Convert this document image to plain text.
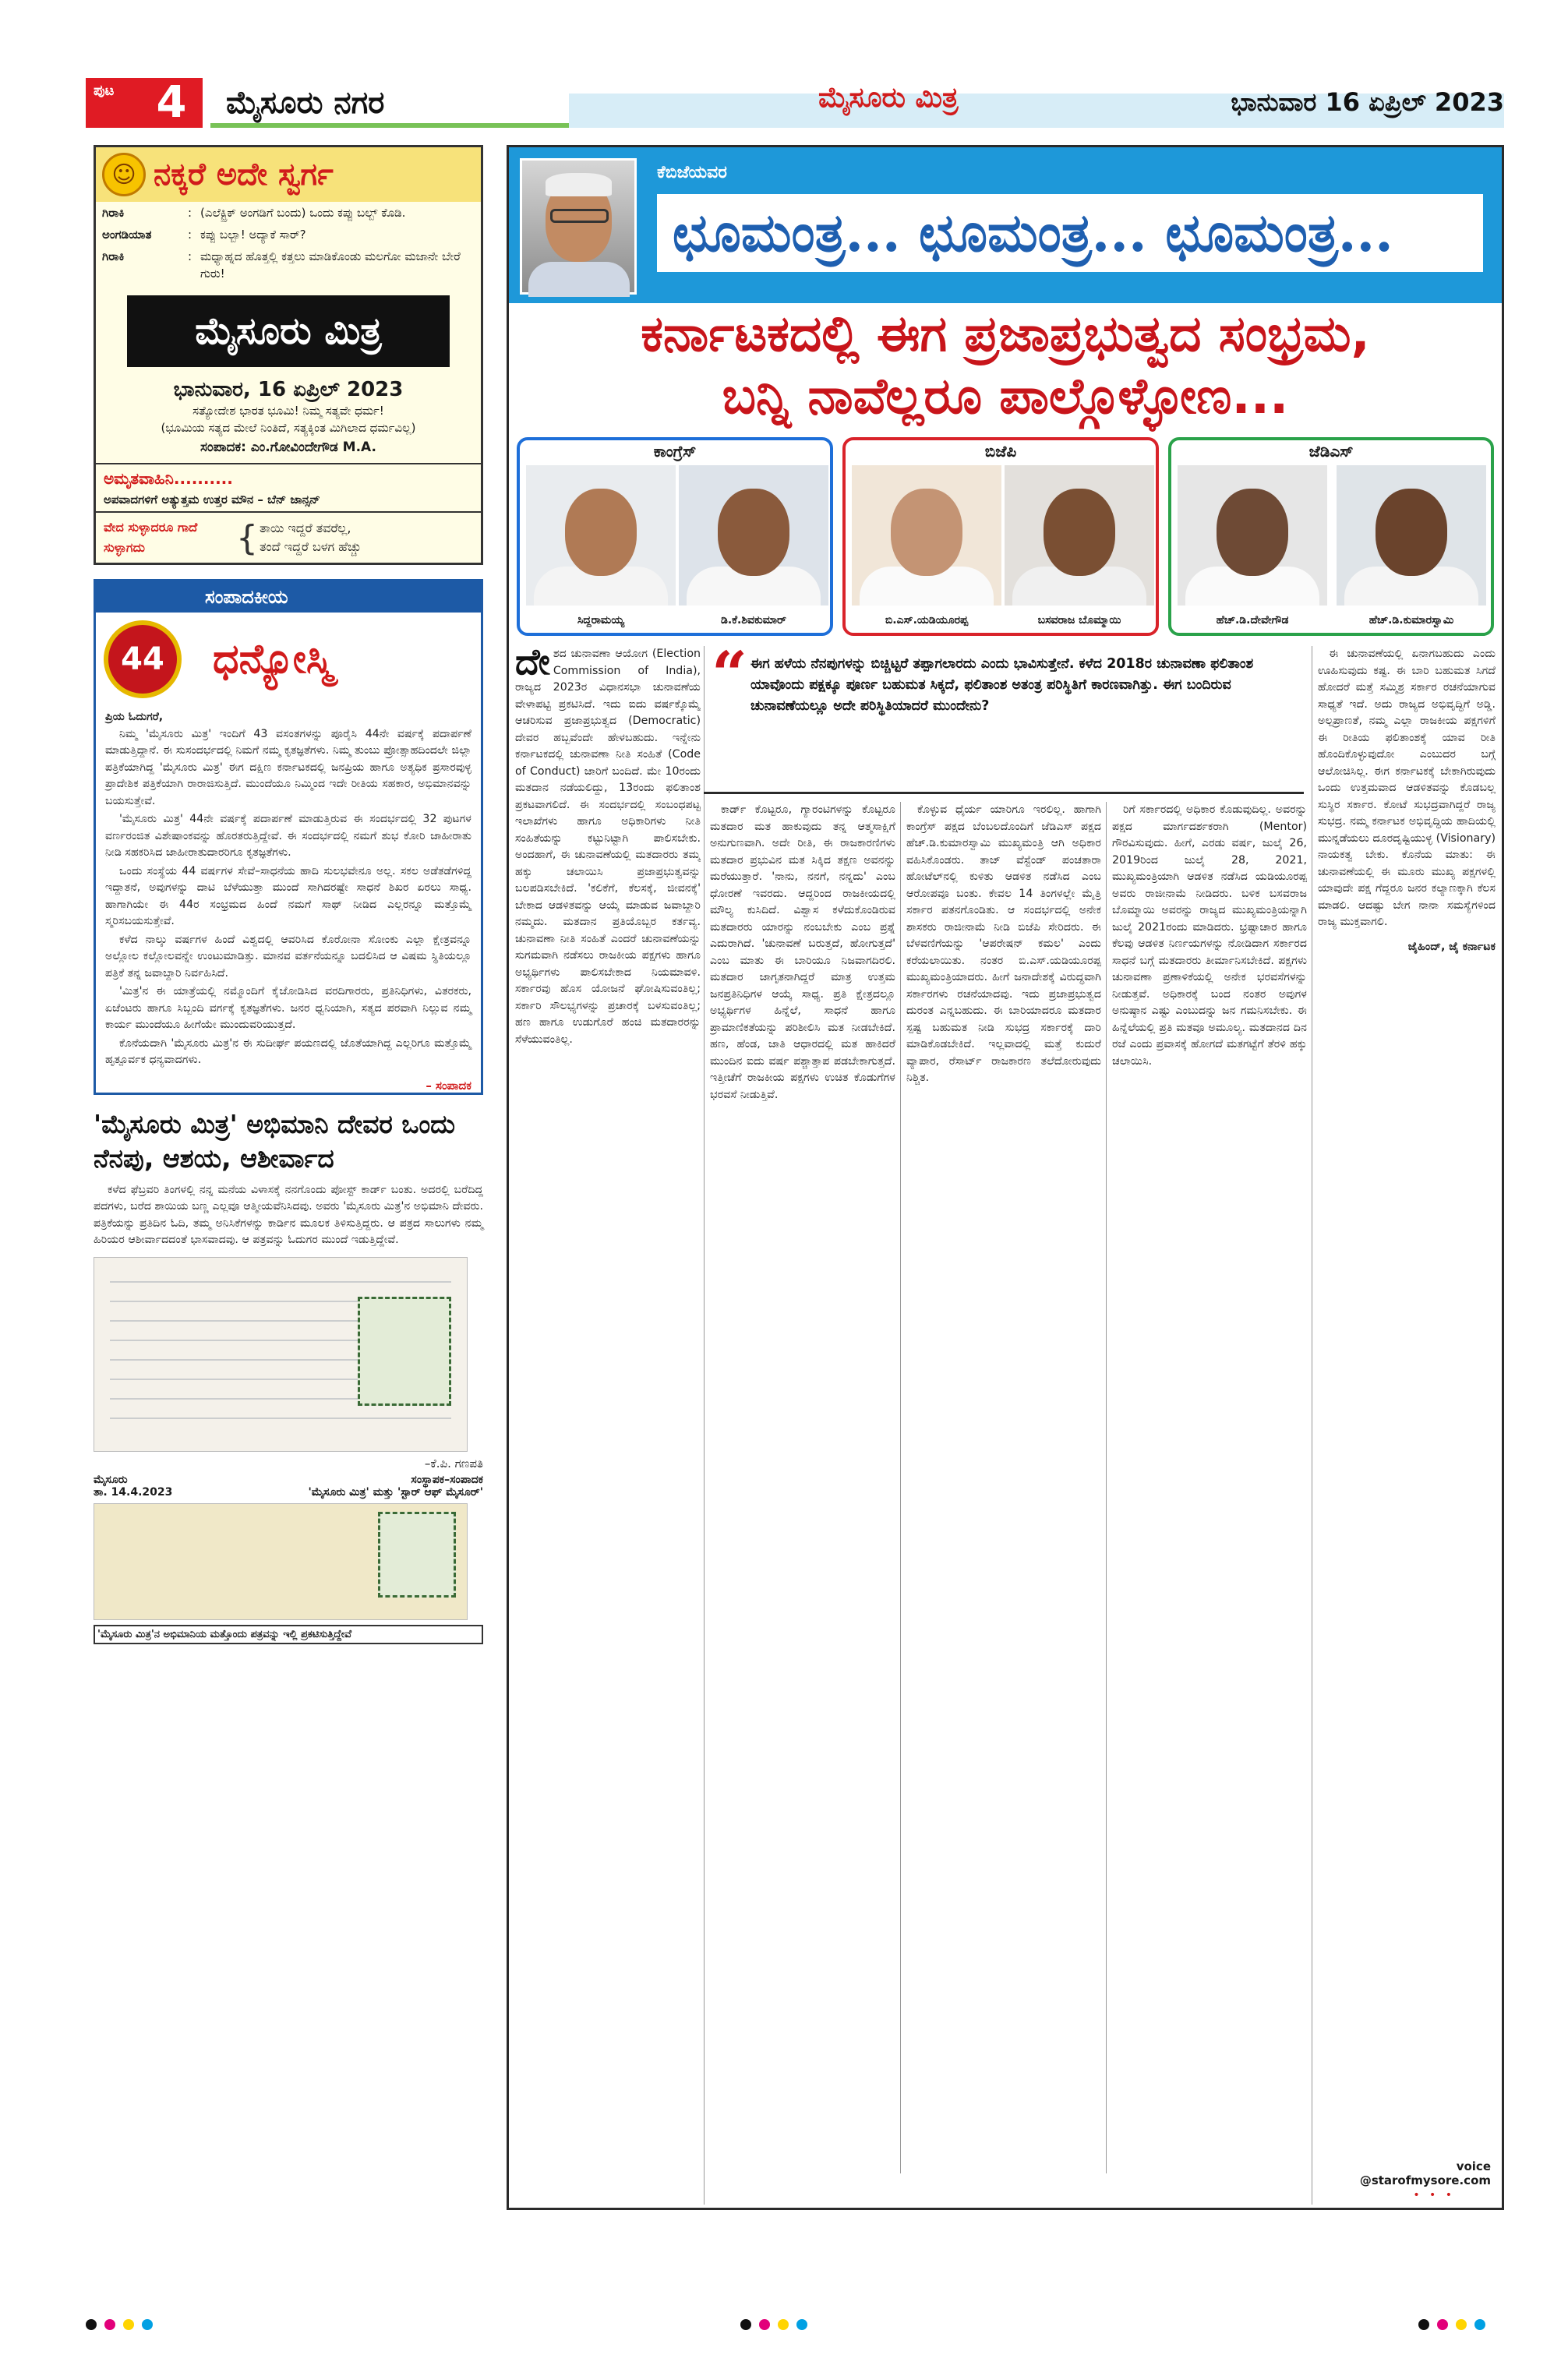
ಪುಟ 4	ಮೈಸೂರು ನಗರ	ಮೈಸೂರು ಮಿತ್ರ	ಭಾನುವಾರ 16 ಏಪ್ರಿಲ್ 2023
☺ ನಕ್ಕರೆ ಅದೇ ಸ್ವರ್ಗ
ಗಿರಾಕಿ	: (ಎಲೆಕ್ಟ್ರಿಕ್ ಅಂಗಡಿಗೆ ಬಂದು) ಒಂದು ಕಪ್ಪು ಬಲ್ಬ್ ಕೊಡಿ.
ಅಂಗಡಿಯಾತ	: ಕಪ್ಪು ಬಲ್ಬಾ! ಅದ್ಯಾಕೆ ಸಾರ್?
ಗಿರಾಕಿ	: ಮಧ್ಯಾಹ್ನದ ಹೊತ್ತಲ್ಲಿ ಕತ್ತಲು ಮಾಡಿಕೊಂಡು ಮಲಗೋ ಮಜಾನೇ ಬೇರೆ ಗುರು!
ಮೈಸೂರು ಮಿತ್ರ
ಭಾನುವಾರ, 16 ಏಪ್ರಿಲ್ 2023
ಸತ್ಯೋದೇಶ ಭಾರತ ಭೂಮಿ! ನಿಮ್ಮ ಸತ್ಯವೇ ಧರ್ಮ!
(ಭೂಮಿಯ ಸತ್ಯದ ಮೇಲೆ ನಿಂತಿದೆ, ಸತ್ಯಕ್ಕಿಂತ ಮಿಗಿಲಾದ ಧರ್ಮವಿಲ್ಲ)
ಸಂಪಾದಕ: ಎಂ.ಗೋವಿಂದೇಗೌಡ M.A.
ಅಮೃತವಾಹಿನಿ..........
ಅಪವಾದಗಳಿಗೆ ಅತ್ಯುತ್ತಮ ಉತ್ತರ ಮೌನ – ಬೆನ್ ಜಾನ್ಸನ್
ವೇದ ಸುಳ್ಳಾದರೂ ಗಾದೆ ಸುಳ್ಳಾಗದು	{ ತಾಯಿ ಇದ್ದರೆ ತವರೆಲ್ಲ,
ತಂದೆ ಇದ್ದರೆ ಬಳಗ ಹೆಚ್ಚು
ಸಂಪಾದಕೀಯ
44	ಧನ್ಯೋಸ್ಮಿ
ಪ್ರಿಯ ಓದುಗರೆ,

ನಿಮ್ಮ 'ಮೈಸೂರು ಮಿತ್ರ' ಇಂದಿಗೆ 43 ವಸಂತಗಳನ್ನು ಪೂರೈಸಿ 44ನೇ ವರ್ಷಕ್ಕೆ ಪದಾರ್ಪಣೆ ಮಾಡುತ್ತಿದ್ದಾನೆ. ಈ ಸುಸಂದರ್ಭದಲ್ಲಿ ನಿಮಗೆ ನಮ್ಮ ಕೃತಜ್ಞತೆಗಳು. ನಿಮ್ಮ ತುಂಬು ಪ್ರೋತ್ಸಾಹದಿಂದಲೇ ಜಿಲ್ಲಾ ಪತ್ರಿಕೆಯಾಗಿದ್ದ 'ಮೈಸೂರು ಮಿತ್ರ' ಈಗ ದಕ್ಷಿಣ ಕರ್ನಾಟಕದಲ್ಲಿ ಜನಪ್ರಿಯ ಹಾಗೂ ಅತ್ಯಧಿಕ ಪ್ರಸಾರವುಳ್ಳ ಪ್ರಾದೇಶಿಕ ಪತ್ರಿಕೆಯಾಗಿ ರಾರಾಜಿಸುತ್ತಿದೆ. ಮುಂದೆಯೂ ನಿಮ್ಮಿಂದ ಇದೇ ರೀತಿಯ ಸಹಕಾರ, ಅಭಿಮಾನವನ್ನು ಬಯಸುತ್ತೇವೆ.

'ಮೈಸೂರು ಮಿತ್ರ' 44ನೇ ವರ್ಷಕ್ಕೆ ಪದಾರ್ಪಣೆ ಮಾಡುತ್ತಿರುವ ಈ ಸಂದರ್ಭದಲ್ಲಿ 32 ಪುಟಗಳ ವರ್ಣರಂಜಿತ ವಿಶೇಷಾಂಕವನ್ನು ಹೊರತರುತ್ತಿದ್ದೇವೆ. ಈ ಸಂದರ್ಭದಲ್ಲಿ ನಮಗೆ ಶುಭ ಕೋರಿ ಜಾಹೀರಾತು ನೀಡಿ ಸಹಕರಿಸಿದ ಜಾಹೀರಾತುದಾರರಿಗೂ ಕೃತಜ್ಞತೆಗಳು.

ಒಂದು ಸಂಸ್ಥೆಯ 44 ವರ್ಷಗಳ ಸೇವೆ–ಸಾಧನೆಯ ಹಾದಿ ಸುಲಭವೇನೂ ಅಲ್ಲ. ಸಕಲ ಅಡೆತಡೆಗಳಿದ್ದ ಇದ್ದಾತನೆ, ಅವುಗಳನ್ನು ದಾಟಿ ಬೆಳೆಯುತ್ತಾ ಮುಂದೆ ಸಾಗಿದರಷ್ಟೇ ಸಾಧನೆ ಶಿಖರ ಏರಲು ಸಾಧ್ಯ. ಹಾಗಾಗಿಯೇ ಈ 44ರ ಸಂಭ್ರಮದ ಹಿಂದೆ ನಮಗೆ ಸಾಥ್ ನೀಡಿದ ಎಲ್ಲರನ್ನೂ ಮತ್ತೊಮ್ಮೆ ಸ್ಮರಿಸಬಯಸುತ್ತೇವೆ.

ಕಳೆದ ನಾಲ್ಕು ವರ್ಷಗಳ ಹಿಂದೆ ವಿಶ್ವದಲ್ಲಿ ಆವರಿಸಿದ ಕೊರೋನಾ ಸೋಂಕು ಎಲ್ಲಾ ಕ್ಷೇತ್ರವನ್ನೂ ಅಲ್ಲೋಲ ಕಲ್ಲೋಲವನ್ನೇ ಉಂಟುಮಾಡಿತ್ತು. ಮಾನವ ವರ್ತನೆಯನ್ನೂ ಬದಲಿಸಿದ ಆ ವಿಷಮ ಸ್ಥಿತಿಯಲ್ಲೂ ಪತ್ರಿಕೆ ತನ್ನ ಜವಾಬ್ದಾರಿ ನಿರ್ವಹಿಸಿದೆ.

'ಮಿತ್ರ'ನ ಈ ಯಾತ್ರೆಯಲ್ಲಿ ನಮ್ಮೊಂದಿಗೆ ಕೈಜೋಡಿಸಿದ ವರದಿಗಾರರು, ಪ್ರತಿನಿಧಿಗಳು, ವಿತರಕರು, ಏಜೆಂಟರು ಹಾಗೂ ಸಿಬ್ಬಂದಿ ವರ್ಗಕ್ಕೆ ಕೃತಜ್ಞತೆಗಳು. ಜನರ ಧ್ವನಿಯಾಗಿ, ಸತ್ಯದ ಪರವಾಗಿ ನಿಲ್ಲುವ ನಮ್ಮ ಕಾರ್ಯ ಮುಂದೆಯೂ ಹೀಗೆಯೇ ಮುಂದುವರಿಯುತ್ತದೆ.

ಕೊನೆಯದಾಗಿ 'ಮೈಸೂರು ಮಿತ್ರ'ನ ಈ ಸುದೀರ್ಘ ಪಯಣದಲ್ಲಿ ಜೊತೆಯಾಗಿದ್ದ ಎಲ್ಲರಿಗೂ ಮತ್ತೊಮ್ಮೆ ಹೃತ್ಪೂರ್ವಕ ಧನ್ಯವಾದಗಳು.

– ಸಂಪಾದಕ
'ಮೈಸೂರು ಮಿತ್ರ' ಅಭಿಮಾನಿ ದೇವರ ಒಂದು ನೆನಪು, ಆಶಯ, ಆಶೀರ್ವಾದ

ಕಳೆದ ಫೆಬ್ರವರಿ ತಿಂಗಳಲ್ಲಿ ನನ್ನ ಮನೆಯ ವಿಳಾಸಕ್ಕೆ ನನಗೊಂದು ಪೋಸ್ಟ್ ಕಾರ್ಡ್ ಬಂತು. ಅದರಲ್ಲಿ ಬರೆದಿದ್ದ ಪದಗಳು, ಬರೆದ ಶಾಯಿಯ ಬಣ್ಣ ಎಲ್ಲವೂ ಆತ್ಮೀಯವೆನಿಸಿದವು. ಅವರು 'ಮೈಸೂರು ಮಿತ್ರ'ನ ಅಭಿಮಾನಿ ದೇವರು. ಪತ್ರಿಕೆಯನ್ನು ಪ್ರತಿದಿನ ಓದಿ, ತಮ್ಮ ಅನಿಸಿಕೆಗಳನ್ನು ಕಾರ್ಡಿನ ಮೂಲಕ ತಿಳಿಸುತ್ತಿದ್ದರು. ಆ ಪತ್ರದ ಸಾಲುಗಳು ನಮ್ಮ ಹಿರಿಯರ ಆಶೀರ್ವಾದದಂತೆ ಭಾಸವಾದವು. ಆ ಪತ್ರವನ್ನು ಓದುಗರ ಮುಂದೆ ಇಡುತ್ತಿದ್ದೇವೆ.

–ಕೆ.ಪಿ. ಗಣಪತಿ
ಮೈಸೂರು
ತಾ. 14.4.2023
ಸಂಸ್ಥಾಪಕ–ಸಂಪಾದಕ
'ಮೈಸೂರು ಮಿತ್ರ' ಮತ್ತು 'ಸ್ಟಾರ್ ಆಫ್ ಮೈಸೂರ್'
'ಮೈಸೂರು ಮಿತ್ರ'ನ ಅಭಿಮಾನಿಯ ಮತ್ತೊಂದು ಪತ್ರವನ್ನು ಇಲ್ಲಿ ಪ್ರಕಟಿಸುತ್ತಿದ್ದೇವೆ
ಕೆಬಿಜೆಯವರ
ಛೂಮಂತ್ರ... ಛೂಮಂತ್ರ... ಛೂಮಂತ್ರ...
ಕರ್ನಾಟಕದಲ್ಲಿ ಈಗ ಪ್ರಜಾಪ್ರಭುತ್ವದ ಸಂಭ್ರಮ,
ಬನ್ನಿ ನಾವೆಲ್ಲರೂ ಪಾಲ್ಗೊಳ್ಳೋಣ...
ಕಾಂಗ್ರೆಸ್
ಸಿದ್ದರಾಮಯ್ಯ	ಡಿ.ಕೆ.ಶಿವಕುಮಾರ್
ಬಿಜೆಪಿ
ಬಿ.ಎಸ್.ಯಡಿಯೂರಪ್ಪ	ಬಸವರಾಜ ಬೊಮ್ಮಾಯಿ
ಜೆಡಿಎಸ್
ಹೆಚ್.ಡಿ.ದೇವೇಗೌಡ	ಹೆಚ್.ಡಿ.ಕುಮಾರಸ್ವಾಮಿ

ದೇಶದ ಚುನಾವಣಾ ಆಯೋಗ (Election Commission of India), ರಾಜ್ಯದ 2023ರ ವಿಧಾನಸಭಾ ಚುನಾವಣೆಯ ವೇಳಾಪಟ್ಟಿ ಪ್ರಕಟಿಸಿದೆ. ಇದು ಐದು ವರ್ಷಕ್ಕೊಮ್ಮೆ ಆಚರಿಸುವ ಪ್ರಜಾಪ್ರಭುತ್ವದ (Democratic) ದೇವರ ಹಬ್ಬವೆಂದೇ ಹೇಳಬಹುದು. ಇನ್ನೇನು ಕರ್ನಾಟಕದಲ್ಲಿ ಚುನಾವಣಾ ನೀತಿ ಸಂಹಿತೆ (Code of Conduct) ಜಾರಿಗೆ ಬಂದಿದೆ. ಮೇ 10ರಂದು ಮತದಾನ ನಡೆಯಲಿದ್ದು, 13ರಂದು ಫಲಿತಾಂಶ ಪ್ರಕಟವಾಗಲಿದೆ. ಈ ಸಂದರ್ಭದಲ್ಲಿ ಸಂಬಂಧಪಟ್ಟ ಇಲಾಖೆಗಳು ಹಾಗೂ ಅಧಿಕಾರಿಗಳು ನೀತಿ ಸಂಹಿತೆಯನ್ನು ಕಟ್ಟುನಿಟ್ಟಾಗಿ ಪಾಲಿಸಬೇಕು. ಅಂದಹಾಗೆ, ಈ ಚುನಾವಣೆಯಲ್ಲಿ ಮತದಾರರು ತಮ್ಮ ಹಕ್ಕು ಚಲಾಯಿಸಿ ಪ್ರಜಾಪ್ರಭುತ್ವವನ್ನು ಬಲಪಡಿಸಬೇಕಿದೆ. 'ಕಲಿಕೆಗೆ, ಕೆಲಸಕ್ಕೆ, ಜೀವನಕ್ಕೆ' ಬೇಕಾದ ಆಡಳಿತವನ್ನು ಆಯ್ಕೆ ಮಾಡುವ ಜವಾಬ್ದಾರಿ ನಮ್ಮದು. ಮತದಾನ ಪ್ರತಿಯೊಬ್ಬರ ಕರ್ತವ್ಯ. ಚುನಾವಣಾ ನೀತಿ ಸಂಹಿತೆ ಎಂದರೆ ಚುನಾವಣೆಯನ್ನು ಸುಗಮವಾಗಿ ನಡೆಸಲು ರಾಜಕೀಯ ಪಕ್ಷಗಳು ಹಾಗೂ ಅಭ್ಯರ್ಥಿಗಳು ಪಾಲಿಸಬೇಕಾದ ನಿಯಮಾವಳಿ. ಸರ್ಕಾರವು ಹೊಸ ಯೋಜನೆ ಘೋಷಿಸುವಂತಿಲ್ಲ; ಸರ್ಕಾರಿ ಸೌಲಭ್ಯಗಳನ್ನು ಪ್ರಚಾರಕ್ಕೆ ಬಳಸುವಂತಿಲ್ಲ; ಹಣ ಹಾಗೂ ಉಡುಗೊರೆ ಹಂಚಿ ಮತದಾರರನ್ನು ಸೆಳೆಯುವಂತಿಲ್ಲ.

“ ಈಗ ಹಳೆಯ ನೆನಪುಗಳನ್ನು ಬಿಚ್ಚಿಟ್ಟರೆ ತಪ್ಪಾಗಲಾರದು ಎಂದು ಭಾವಿಸುತ್ತೇನೆ. ಕಳೆದ 2018ರ ಚುನಾವಣಾ ಫಲಿತಾಂಶ ಯಾವೊಂದು ಪಕ್ಷಕ್ಕೂ ಪೂರ್ಣ ಬಹುಮತ ಸಿಕ್ಕದೆ, ಫಲಿತಾಂಶ ಅತಂತ್ರ ಪರಿಸ್ಥಿತಿಗೆ ಕಾರಣವಾಗಿತ್ತು. ಈಗ ಬಂದಿರುವ ಚುನಾವಣೆಯಲ್ಲೂ ಅದೇ ಪರಿಸ್ಥಿತಿಯಾದರೆ ಮುಂದೇನು?

ಕಾರ್ಡ್ ಕೊಟ್ಟರೂ, ಗ್ಯಾರಂಟಿಗಳನ್ನು ಕೊಟ್ಟರೂ ಮತದಾರ ಮತ ಹಾಕುವುದು ತನ್ನ ಆತ್ಮಸಾಕ್ಷಿಗೆ ಅನುಗುಣವಾಗಿ. ಅದೇ ರೀತಿ, ಈ ರಾಜಕಾರಣಿಗಳು ಮತದಾರ ಪ್ರಭುವಿನ ಮತ ಸಿಕ್ಕಿದ ತಕ್ಷಣ ಅವನನ್ನು ಮರೆಯುತ್ತಾರೆ. 'ನಾನು, ನನಗೆ, ನನ್ನದು' ಎಂಬ ಧೋರಣೆ ಇವರದು. ಆದ್ದರಿಂದ ರಾಜಕೀಯದಲ್ಲಿ ಮೌಲ್ಯ ಕುಸಿದಿದೆ. ವಿಶ್ವಾಸ ಕಳೆದುಕೊಂಡಿರುವ ಮತದಾರರು ಯಾರನ್ನು ನಂಬಬೇಕು ಎಂಬ ಪ್ರಶ್ನೆ ಎದುರಾಗಿದೆ. 'ಚುನಾವಣೆ ಬರುತ್ತದೆ, ಹೋಗುತ್ತದೆ' ಎಂಬ ಮಾತು ಈ ಬಾರಿಯೂ ನಿಜವಾಗದಿರಲಿ. ಮತದಾರ ಜಾಗೃತನಾಗಿದ್ದರೆ ಮಾತ್ರ ಉತ್ತಮ ಜನಪ್ರತಿನಿಧಿಗಳ ಆಯ್ಕೆ ಸಾಧ್ಯ. ಪ್ರತಿ ಕ್ಷೇತ್ರದಲ್ಲೂ ಅಭ್ಯರ್ಥಿಗಳ ಹಿನ್ನೆಲೆ, ಸಾಧನೆ ಹಾಗೂ ಪ್ರಾಮಾಣಿಕತೆಯನ್ನು ಪರಿಶೀಲಿಸಿ ಮತ ನೀಡಬೇಕಿದೆ. ಹಣ, ಹೆಂಡ, ಜಾತಿ ಆಧಾರದಲ್ಲಿ ಮತ ಹಾಕಿದರೆ ಮುಂದಿನ ಐದು ವರ್ಷ ಪಶ್ಚಾತ್ತಾಪ ಪಡಬೇಕಾಗುತ್ತದೆ. ಇತ್ತೀಚೆಗೆ ರಾಜಕೀಯ ಪಕ್ಷಗಳು ಉಚಿತ ಕೊಡುಗೆಗಳ ಭರವಸೆ ನೀಡುತ್ತಿವೆ.

ಕೊಳ್ಳುವ ಧೈರ್ಯ ಯಾರಿಗೂ ಇರಲಿಲ್ಲ. ಹಾಗಾಗಿ ಕಾಂಗ್ರೆಸ್ ಪಕ್ಷದ ಬೆಂಬಲದೊಂದಿಗೆ ಜೆಡಿಎಸ್ ಪಕ್ಷದ ಹೆಚ್.ಡಿ.ಕುಮಾರಸ್ವಾಮಿ ಮುಖ್ಯಮಂತ್ರಿ ಆಗಿ ಅಧಿಕಾರ ವಹಿಸಿಕೊಂಡರು. ತಾಜ್ ವೆಸ್ಟೆಂಡ್ ಪಂಚತಾರಾ ಹೋಟೆಲ್‌ನಲ್ಲಿ ಕುಳಿತು ಆಡಳಿತ ನಡೆಸಿದ ಎಂಬ ಆರೋಪವೂ ಬಂತು. ಕೇವಲ 14 ತಿಂಗಳಲ್ಲೇ ಮೈತ್ರಿ ಸರ್ಕಾರ ಪತನಗೊಂಡಿತು. ಆ ಸಂದರ್ಭದಲ್ಲಿ ಅನೇಕ ಶಾಸಕರು ರಾಜೀನಾಮೆ ನೀಡಿ ಬಿಜೆಪಿ ಸೇರಿದರು. ಈ ಬೆಳವಣಿಗೆಯನ್ನು 'ಆಪರೇಷನ್ ಕಮಲ' ಎಂದು ಕರೆಯಲಾಯಿತು. ನಂತರ ಬಿ.ಎಸ್.ಯಡಿಯೂರಪ್ಪ ಮುಖ್ಯಮಂತ್ರಿಯಾದರು. ಹೀಗೆ ಜನಾದೇಶಕ್ಕೆ ವಿರುದ್ಧವಾಗಿ ಸರ್ಕಾರಗಳು ರಚನೆಯಾದವು. ಇದು ಪ್ರಜಾಪ್ರಭುತ್ವದ ದುರಂತ ಎನ್ನಬಹುದು. ಈ ಬಾರಿಯಾದರೂ ಮತದಾರ ಸ್ಪಷ್ಟ ಬಹುಮತ ನೀಡಿ ಸುಭದ್ರ ಸರ್ಕಾರಕ್ಕೆ ದಾರಿ ಮಾಡಿಕೊಡಬೇಕಿದೆ. ಇಲ್ಲವಾದಲ್ಲಿ ಮತ್ತೆ ಕುದುರೆ ವ್ಯಾಪಾರ, ರೆಸಾರ್ಟ್ ರಾಜಕಾರಣ ತಲೆದೋರುವುದು ನಿಶ್ಚಿತ.

ರಿಗೆ ಸರ್ಕಾರದಲ್ಲಿ ಅಧಿಕಾರ ಕೊಡುವುದಿಲ್ಲ. ಅವರನ್ನು ಪಕ್ಷದ ಮಾರ್ಗದರ್ಶಕರಾಗಿ (Mentor) ಗೌರವಿಸುವುದು. ಹೀಗೆ, ಎರಡು ವರ್ಷ, ಜುಲೈ 26, 2019ರಿಂದ ಜುಲೈ 28, 2021, ಮುಖ್ಯಮಂತ್ರಿಯಾಗಿ ಆಡಳಿತ ನಡೆಸಿದ ಯಡಿಯೂರಪ್ಪ ಅವರು ರಾಜೀನಾಮೆ ನೀಡಿದರು. ಬಳಿಕ ಬಸವರಾಜ ಬೊಮ್ಮಾಯಿ ಅವರನ್ನು ರಾಜ್ಯದ ಮುಖ್ಯಮಂತ್ರಿಯನ್ನಾಗಿ ಜುಲೈ 2021ರಂದು ಮಾಡಿದರು. ಭ್ರಷ್ಟಾಚಾರ ಹಾಗೂ ಕೆಲವು ಆಡಳಿತ ನಿರ್ಣಯಗಳನ್ನು ನೋಡಿದಾಗ ಸರ್ಕಾರದ ಸಾಧನೆ ಬಗ್ಗೆ ಮತದಾರರು ತೀರ್ಮಾನಿಸಬೇಕಿದೆ. ಪಕ್ಷಗಳು ಚುನಾವಣಾ ಪ್ರಣಾಳಿಕೆಯಲ್ಲಿ ಅನೇಕ ಭರವಸೆಗಳನ್ನು ನೀಡುತ್ತವೆ. ಅಧಿಕಾರಕ್ಕೆ ಬಂದ ನಂತರ ಅವುಗಳ ಅನುಷ್ಠಾನ ಎಷ್ಟು ಎಂಬುದನ್ನು ಜನ ಗಮನಿಸಬೇಕು. ಈ ಹಿನ್ನೆಲೆಯಲ್ಲಿ ಪ್ರತಿ ಮತವೂ ಅಮೂಲ್ಯ. ಮತದಾನದ ದಿನ ರಜೆ ಎಂದು ಪ್ರವಾಸಕ್ಕೆ ಹೋಗದೆ ಮತಗಟ್ಟೆಗೆ ತೆರಳಿ ಹಕ್ಕು ಚಲಾಯಿಸಿ.

ಈ ಚುನಾವಣೆಯಲ್ಲಿ ಏನಾಗಬಹುದು ಎಂದು ಊಹಿಸುವುದು ಕಷ್ಟ. ಈ ಬಾರಿ ಬಹುಮತ ಸಿಗದೆ ಹೋದರೆ ಮತ್ತೆ ಸಮ್ಮಿಶ್ರ ಸರ್ಕಾರ ರಚನೆಯಾಗುವ ಸಾಧ್ಯತೆ ಇದೆ. ಅದು ರಾಜ್ಯದ ಅಭಿವೃದ್ಧಿಗೆ ಅಡ್ಡಿ. ಅಲ್ಪಪ್ರಾಣತೆ, ನಮ್ಮ ಎಲ್ಲಾ ರಾಜಕೀಯ ಪಕ್ಷಗಳಿಗೆ ಈ ರೀತಿಯ ಫಲಿತಾಂಶಕ್ಕೆ ಯಾವ ರೀತಿ ಹೊಂದಿಕೊಳ್ಳುವುದೋ ಎಂಬುದರ ಬಗ್ಗೆ ಆಲೋಚಿಸಿಲ್ಲ. ಈಗ ಕರ್ನಾಟಕಕ್ಕೆ ಬೇಕಾಗಿರುವುದು ಒಂದು ಉತ್ತಮವಾದ ಆಡಳಿತವನ್ನು ಕೊಡಬಲ್ಲ ಸುಸ್ಥಿರ ಸರ್ಕಾರ. ಕೋಟೆ ಸುಭದ್ರವಾಗಿದ್ದರೆ ರಾಜ್ಯ ಸುಭದ್ರ. ನಮ್ಮ ಕರ್ನಾಟಕ ಅಭಿವೃದ್ಧಿಯ ಹಾದಿಯಲ್ಲಿ ಮುನ್ನಡೆಯಲು ದೂರದೃಷ್ಟಿಯುಳ್ಳ (Visionary) ನಾಯಕತ್ವ ಬೇಕು. ಕೊನೆಯ ಮಾತು: ಈ ಚುನಾವಣೆಯಲ್ಲಿ ಈ ಮೂರು ಮುಖ್ಯ ಪಕ್ಷಗಳಲ್ಲಿ ಯಾವುದೇ ಪಕ್ಷ ಗೆದ್ದರೂ ಜನರ ಕಲ್ಯಾಣಕ್ಕಾಗಿ ಕೆಲಸ ಮಾಡಲಿ. ಆದಷ್ಟು ಬೇಗ ನಾನಾ ಸಮಸ್ಯೆಗಳಿಂದ ರಾಜ್ಯ ಮುಕ್ತವಾಗಲಿ.

ಜೈಹಿಂದ್, ಜೈ ಕರ್ನಾಟಕ

voice
@starofmysore.com
• • •
